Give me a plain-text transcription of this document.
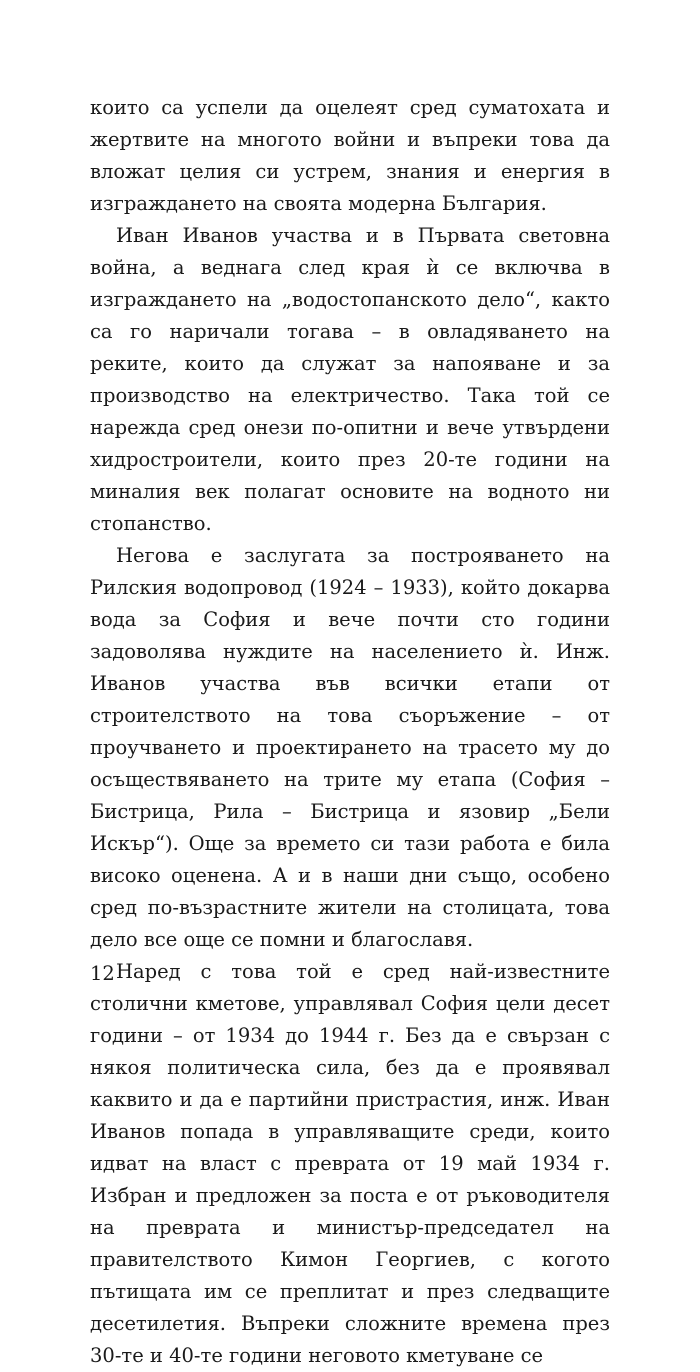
които са успели да оцелеят сред суматохата и жертвите на многото войни и въпреки това да вложат целия си устрем, знания и енергия в изграждането на своята модерна България.

Иван Иванов участва и в Първата световна война, а веднага след края ѝ се включва в изграждането на „водостопанското дело“, както са го наричали тогава – в овладяването на реките, които да служат за напояване и за производство на електричество. Така той се нарежда сред онези по-опитни и вече утвърдени хидростроители, които през 20-те години на миналия век полагат основите на водното ни стопанство.

Негова е заслугата за построяването на Рилския водопровод (1924 – 1933), който докарва вода за София и вече почти сто години задоволява нуждите на населението ѝ. Инж. Иванов участва във всички етапи от строителството на това съоръжение – от проучването и проектирането на трасето му до осъществяването на трите му етапа (София – Бистрица, Рила – Бистрица и язовир „Бели Искър“). Още за времето си тази работа е била високо оценена. А и в наши дни също, особено сред по-възрастните жители на столицата, това дело все още се помни и благославя.

Наред с това той е сред най-известните столични кметове, управлявал София цели десет години – от 1934 до 1944 г. Без да е свързан с някоя политическа сила, без да е проявявал каквито и да е партийни пристрастия, инж. Иван Иванов попада в управляващите среди, които идват на власт с преврата от 19 май 1934 г. Избран и предложен за поста е от ръководителя на преврата и министър-председател на правителството Кимон Георгиев, с когото пътищата им се преплитат и през следващите десетилетия. Въпреки сложните времена през 30-те и 40-те години неговото кметуване се

12
